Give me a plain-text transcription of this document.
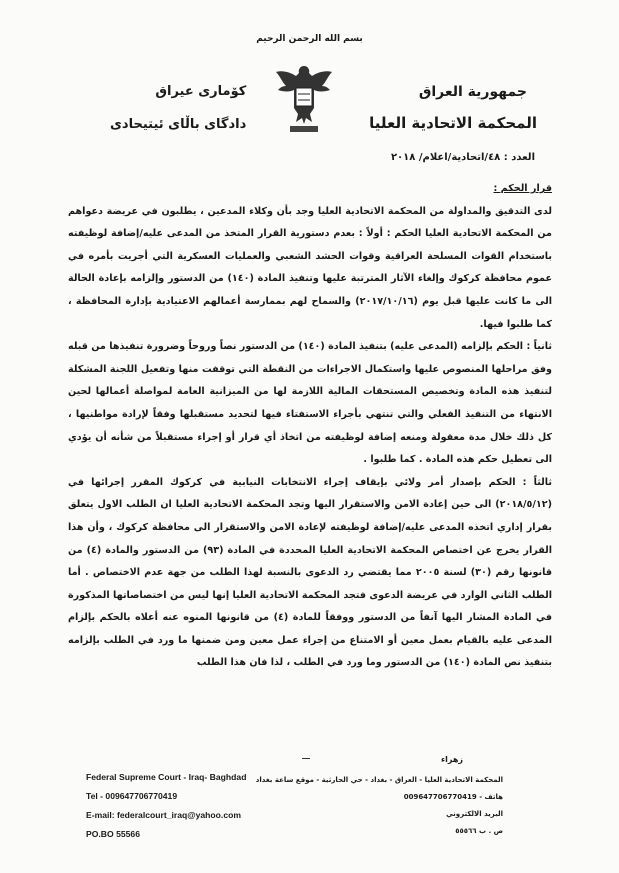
بسم الله الرحمن الرحيم
جمهورية العراق
المحكمة الاتحادية العليا
كۆماری عیراق
دادگای باڵای ئیتیحادی
العدد : ٤٨/اتحادية/اعلام/ ٢٠١٨

قرار الحكم :

لدى التدقيق والمداولة من المحكمة الاتحادية العليا وجد بأن وكلاء المدعين ، يطلبون في عريضة دعواهم من المحكمة الاتحادية العليا الحكم : أولاً : بعدم دستورية القرار المتخذ من المدعى عليه/إضافة لوظيفته باستخدام القوات المسلحة العراقية وقوات الحشد الشعبي والعمليات العسكرية التي أجريت بأمره في عموم محافظة كركوك وإلغاء الآثار المترتبة عليها وتنفيذ المادة (١٤٠) من الدستور وإلزامه بإعادة الحالة الى ما كانت عليها قبل يوم (٢٠١٧/١٠/١٦) والسماح لهم بممارسة أعمالهم الاعتيادية بإدارة المحافظة ، كما طلبوا فيها.

ثانياً : الحكم بإلزامه (المدعى عليه) بتنفيذ المادة (١٤٠) من الدستور نصاً وروحاً وضرورة تنفيذها من قبله وفق مراحلها المنصوص عليها واستكمال الاجراءات من النقطة التي توقفت منها وتفعيل اللجنة المشكلة لتنفيذ هذه المادة وتخصيص المستحقات المالية اللازمة لها من الميزانية العامة لمواصلة أعمالها لحين الانتهاء من التنفيذ الفعلي والتي تنتهي بأجراء الاستفتاء فيها لتحديد مستقبلها وفقاً لإرادة مواطنيها ، كل ذلك خلال مدة معقولة ومنعه إضافة لوظيفته من اتخاذ أي قرار أو إجراء مستقبلاً من شأنه أن يؤدي الى تعطيل حكم هذه المادة . كما طلبوا .

ثالثاً : الحكم بإصدار أمر ولائي بإيقاف إجراء الانتخابات النيابية في كركوك المقرر إجرائها في (٢٠١٨/٥/١٢) الى حين إعادة الامن والاستقرار اليها وتجد المحكمة الاتحادية العليا ان الطلب الاول يتعلق بقرار إداري اتخذه المدعى عليه/إضافة لوظيفته لإعادة الامن والاستقرار الى محافظة كركوك ، وأن هذا القرار يخرج عن اختصاص المحكمة الاتحادية العليا المحددة في المادة (٩٣) من الدستور والمادة (٤) من قانونها رقم (٣٠) لسنة ٢٠٠٥ مما يقتضي رد الدعوى بالنسبة لهذا الطلب من جهة عدم الاختصاص . أما الطلب الثاني الوارد في عريضة الدعوى فتجد المحكمة الاتحادية العليا إنها ليس من اختصاصاتها المذكورة في المادة المشار اليها آنفاً من الدستور ووفقاً للمادة (٤) من قانونها المنوه عنه أعلاه بالحكم بإلزام المدعى عليه بالقيام بعمل معين أو الامتناع من إجراء عمل معين ومن ضمنها ما ورد في الطلب بإلزامه بتنفيذ نص المادة (١٤٠) من الدستور وما ورد في الطلب ، لذا فان هذا الطلب

زهراء
Federal Supreme Court - Iraq- Baghdad
Tel - 009647706770419
E-mail: federalcourt_iraq@yahoo.com
PO.BO 55566
المحكمة الاتحادية العليا - العراق - بغداد - حي الحارثية - موقع ساعة بغداد
هاتف - 009647706770419
البريد الالكتروني
ص . ب ٥٥٥٦٦
